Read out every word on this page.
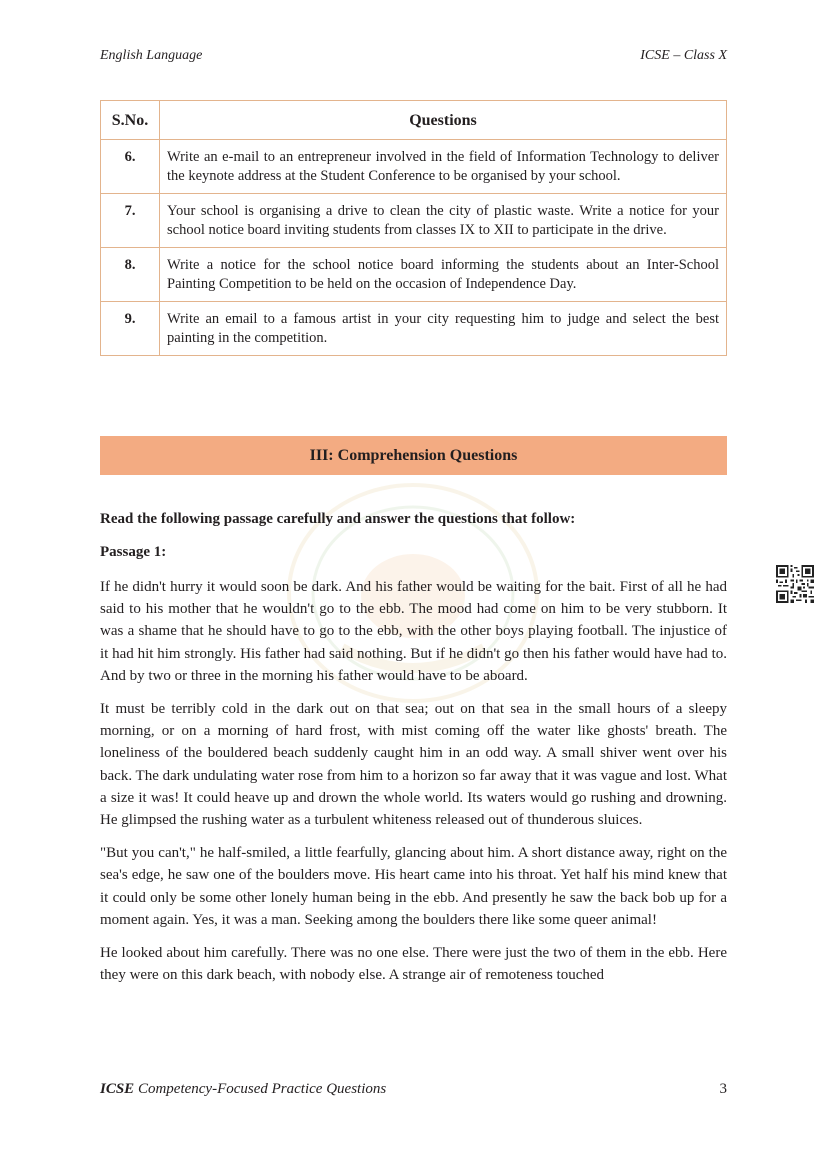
English Language	ICSE – Class X
S.No.	Questions
6.	Write an e-mail to an entrepreneur involved in the field of Information Technology to deliver the keynote address at the Student Conference to be organised by your school.
7.	Your school is organising a drive to clean the city of plastic waste. Write a notice for your school notice board inviting students from classes IX to XII to participate in the drive.
8.	Write a notice for the school notice board informing the students about an Inter-School Painting Competition to be held on the occasion of Independence Day.
9.	Write an email to a famous artist in your city requesting him to judge and select the best painting in the competition.
III: Comprehension Questions
Read the following passage carefully and answer the questions that follow:
Passage 1:

If he didn't hurry it would soon be dark. And his father would be waiting for the bait. First of all he had said to his mother that he wouldn't go to the ebb. The mood had come on him to be very stubborn. It was a shame that he should have to go to the ebb, with the other boys playing football. The injustice of it had hit him strongly. His father had said nothing. But if he didn't go then his father would have had to. And by two or three in the morning his father would have to be aboard.

It must be terribly cold in the dark out on that sea; out on that sea in the small hours of a sleepy morning, or on a morning of hard frost, with mist coming off the water like ghosts' breath. The loneliness of the bouldered beach suddenly caught him in an odd way. A small shiver went over his back. The dark undulating water rose from him to a horizon so far away that it was vague and lost. What a size it was! It could heave up and drown the whole world. Its waters would go rushing and drowning. He glimpsed the rushing water as a turbulent whiteness released out of thunderous sluices.

"But you can't," he half-smiled, a little fearfully, glancing about him. A short distance away, right on the sea's edge, he saw one of the boulders move. His heart came into his throat. Yet half his mind knew that it could only be some other lonely human being in the ebb. And presently he saw the back bob up for a moment again. Yes, it was a man. Seeking among the boulders there like some queer animal!

He looked about him carefully. There was no one else. There were just the two of them in the ebb. Here they were on this dark beach, with nobody else. A strange air of remoteness touched

ICSE Competency-Focused Practice Questions	3
